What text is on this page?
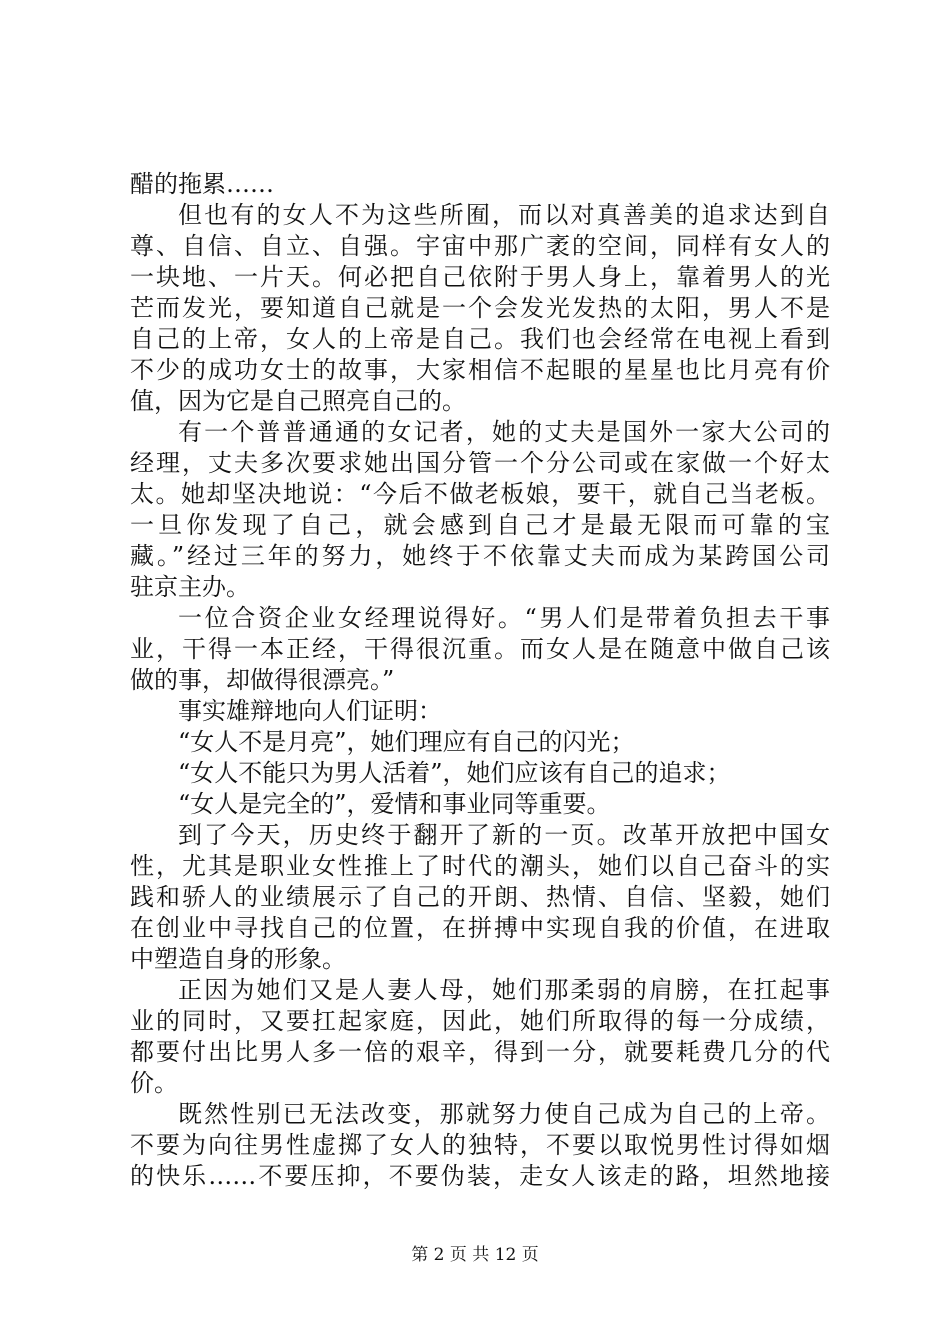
醋的拖累……
但也有的女人不为这些所囿，而以对真善美的追求达到自
尊、自信、自立、自强。宇宙中那广袤的空间，同样有女人的
一块地、一片天。何必把自己依附于男人身上，靠着男人的光
芒而发光，要知道自己就是一个会发光发热的太阳，男人不是
自己的上帝，女人的上帝是自己。我们也会经常在电视上看到
不少的成功女士的故事，大家相信不起眼的星星也比月亮有价
值，因为它是自己照亮自己的。
有一个普普通通的女记者，她的丈夫是国外一家大公司的
经理，丈夫多次要求她出国分管一个分公司或在家做一个好太
太。她却坚决地说：“今后不做老板娘，要干，就自己当老板。
一旦你发现了自己，就会感到自己才是最无限而可靠的宝
藏。”经过三年的努力，她终于不依靠丈夫而成为某跨国公司
驻京主办。
一位合资企业女经理说得好。“男人们是带着负担去干事
业，干得一本正经，干得很沉重。而女人是在随意中做自己该
做的事，却做得很漂亮。”
事实雄辩地向人们证明：
“女人不是月亮”，她们理应有自己的闪光；
“女人不能只为男人活着”，她们应该有自己的追求；
“女人是完全的”，爱情和事业同等重要。
到了今天，历史终于翻开了新的一页。改革开放把中国女
性，尤其是职业女性推上了时代的潮头，她们以自己奋斗的实
践和骄人的业绩展示了自己的开朗、热情、自信、坚毅，她们
在创业中寻找自己的位置，在拼搏中实现自我的价值，在进取
中塑造自身的形象。
正因为她们又是人妻人母，她们那柔弱的肩膀，在扛起事
业的同时，又要扛起家庭，因此，她们所取得的每一分成绩，
都要付出比男人多一倍的艰辛，得到一分，就要耗费几分的代
价。
既然性别已无法改变，那就努力使自己成为自己的上帝。
不要为向往男性虚掷了女人的独特，不要以取悦男性讨得如烟
的快乐……不要压抑，不要伪装，走女人该走的路，坦然地接
第 2 页 共 12 页
